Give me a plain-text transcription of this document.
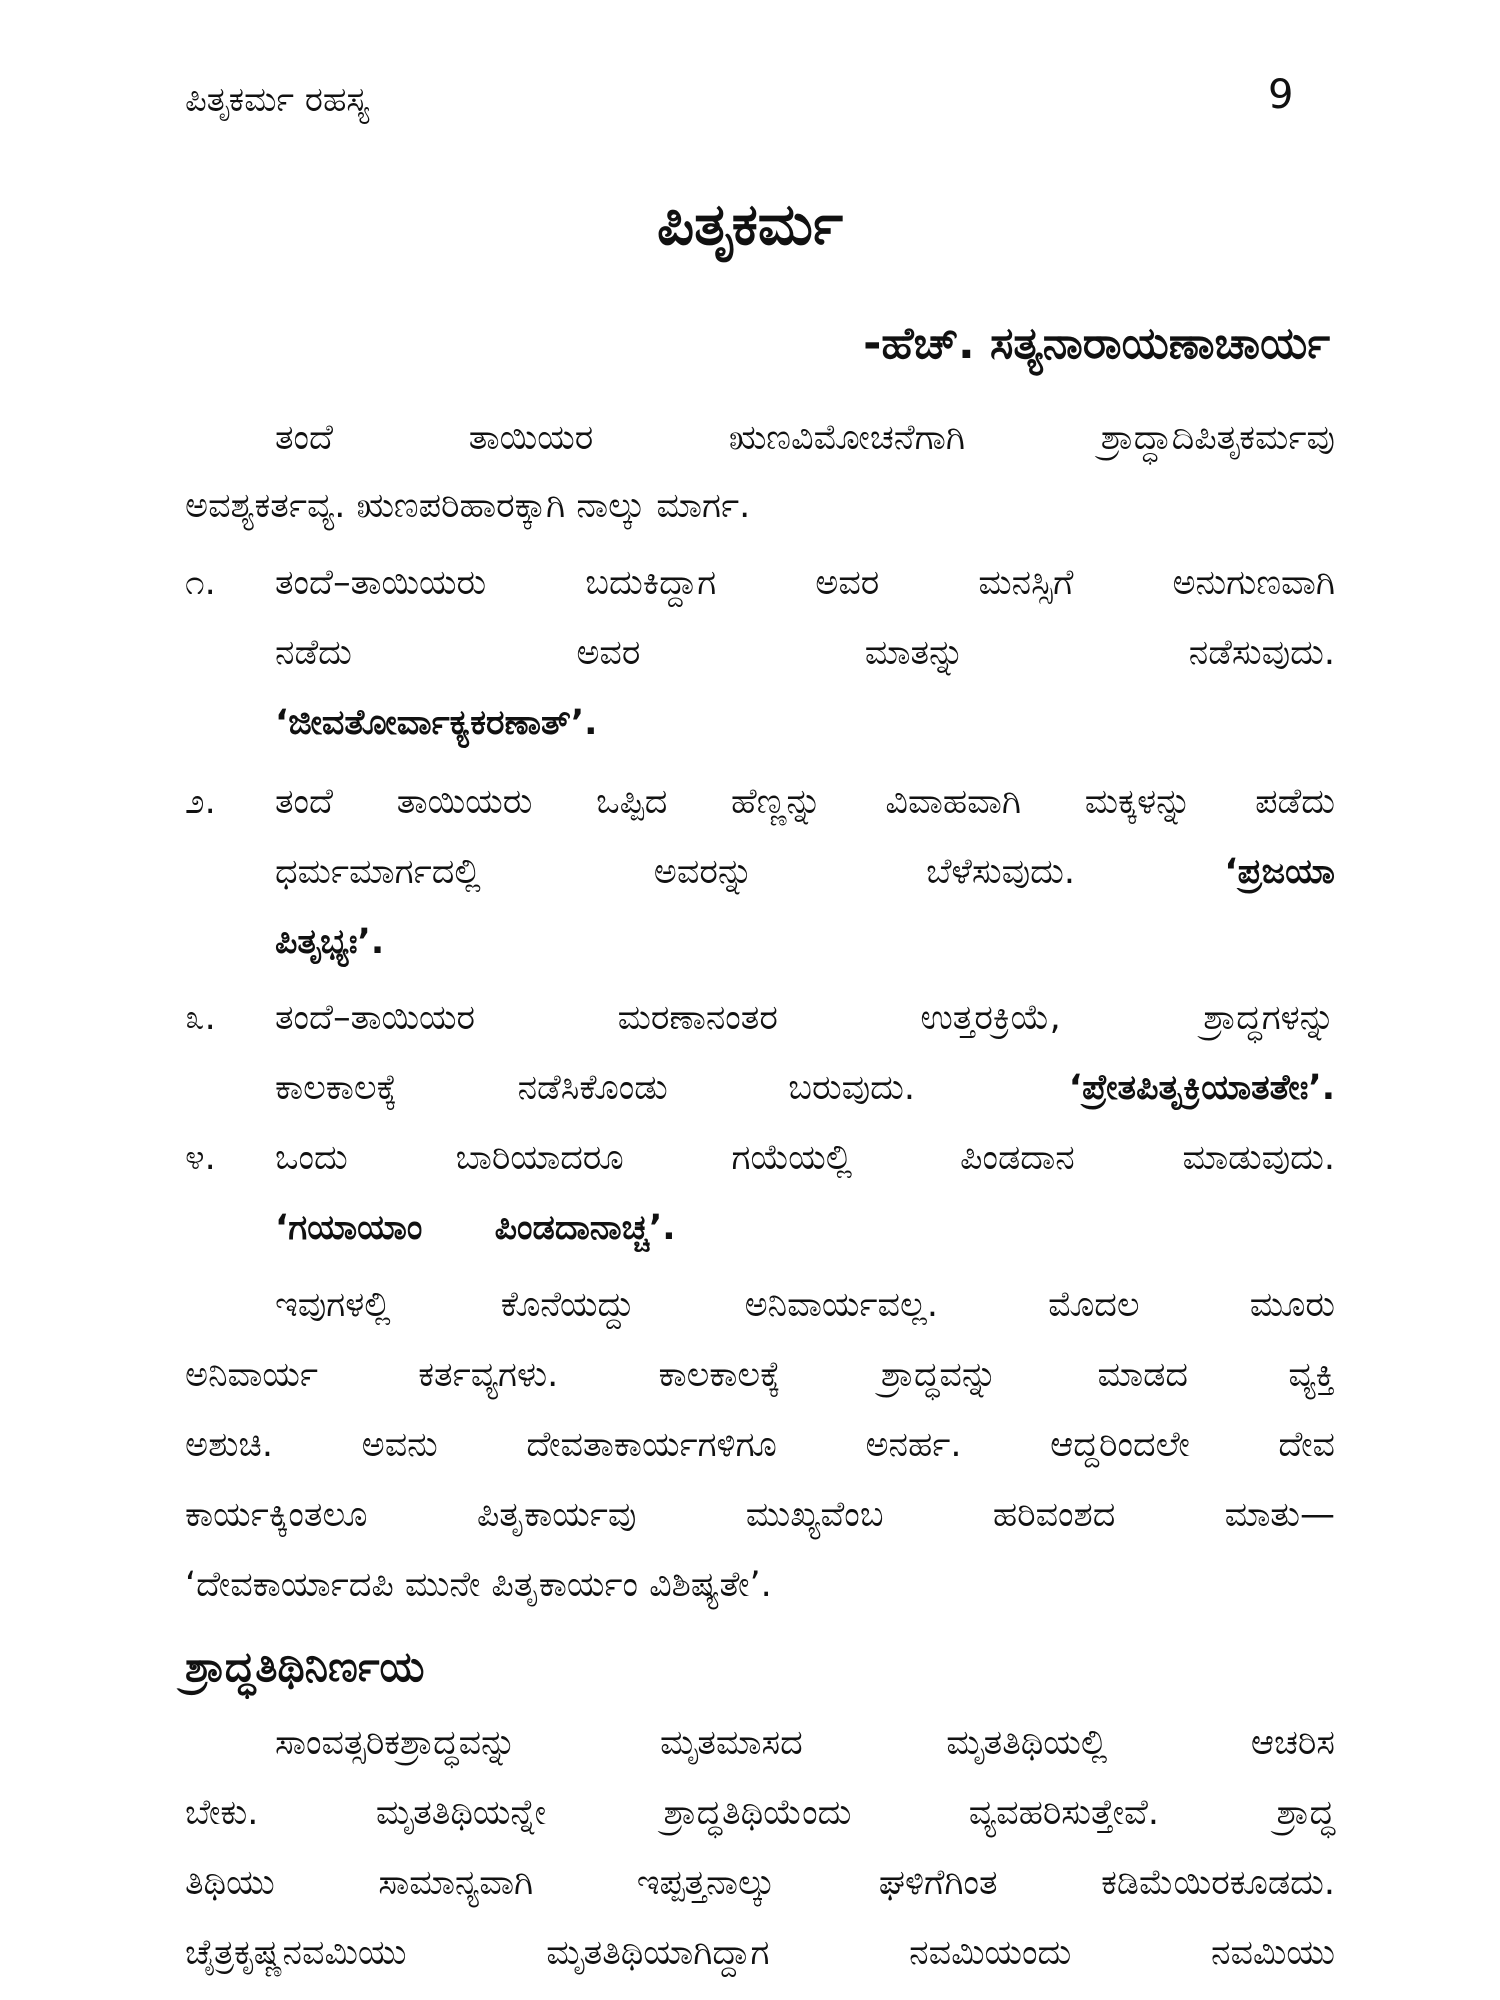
ಪಿತೃಕರ್ಮ ರಹಸ್ಯ	9
ಪಿತೃಕರ್ಮ
-ಹೆಚ್. ಸತ್ಯನಾರಾಯಣಾಚಾರ್ಯ
ತಂದೆ ತಾಯಿಯರ ಋಣವಿಮೋಚನೆಗಾಗಿ ಶ್ರಾದ್ಧಾದಿಪಿತೃಕರ್ಮವು
ಅವಶ್ಯಕರ್ತವ್ಯ. ಋಣಪರಿಹಾರಕ್ಕಾಗಿ ನಾಲ್ಕು ಮಾರ್ಗ.
೧. ತಂದೆ–ತಾಯಿಯರು ಬದುಕಿದ್ದಾಗ ಅವರ ಮನಸ್ಸಿಗೆ ಅನುಗುಣವಾಗಿ
ನಡೆದು ಅವರ ಮಾತನ್ನು ನಡೆಸುವುದು.
‘ಜೀವತೋರ್ವಾಕ್ಯಕರಣಾತ್’.
೨. ತಂದೆ ತಾಯಿಯರು ಒಪ್ಪಿದ ಹೆಣ್ಣನ್ನು ವಿವಾಹವಾಗಿ ಮಕ್ಕಳನ್ನು ಪಡೆದು
ಧರ್ಮಮಾರ್ಗದಲ್ಲಿ ಅವರನ್ನು ಬೆಳೆಸುವುದು.	‘ಪ್ರಜಯಾ
ಪಿತೃಭ್ಯಃ’.
೩. ತಂದೆ–ತಾಯಿಯರ ಮರಣಾನಂತರ ಉತ್ತರಕ್ರಿಯೆ, ಶ್ರಾದ್ಧಗಳನ್ನು
ಕಾಲಕಾಲಕ್ಕೆ ನಡೆಸಿಕೊಂಡು ಬರುವುದು.	‘ಪ್ರೇತಪಿತೃಕ್ರಿಯಾತತೇಃ’.
೪. ಒಂದು ಬಾರಿಯಾದರೂ ಗಯೆಯಲ್ಲಿ ಪಿಂಡದಾನ ಮಾಡುವುದು.
‘ಗಯಾಯಾಂ ಪಿಂಡದಾನಾಚ್ಚ’.
ಇವುಗಳಲ್ಲಿ ಕೊನೆಯದ್ದು ಅನಿವಾರ್ಯವಲ್ಲ. ಮೊದಲ ಮೂರು
ಅನಿವಾರ್ಯ ಕರ್ತವ್ಯಗಳು. ಕಾಲಕಾಲಕ್ಕೆ ಶ್ರಾದ್ಧವನ್ನು ಮಾಡದ ವ್ಯಕ್ತಿ
ಅಶುಚಿ. ಅವನು ದೇವತಾಕಾರ್ಯಗಳಿಗೂ ಅನರ್ಹ. ಆದ್ದರಿಂದಲೇ ದೇವ
ಕಾರ್ಯಕ್ಕಿಂತಲೂ ಪಿತೃಕಾರ್ಯವು ಮುಖ್ಯವೆಂಬ ಹರಿವಂಶದ ಮಾತು—
‘ದೇವಕಾರ್ಯಾದಪಿ ಮುನೇ ಪಿತೃಕಾರ್ಯಂ ವಿಶಿಷ್ಯತೇ’.
ಶ್ರಾದ್ಧತಿಥಿನಿರ್ಣಯ
ಸಾಂವತ್ಸರಿಕಶ್ರಾದ್ಧವನ್ನು ಮೃತಮಾಸದ ಮೃತತಿಥಿಯಲ್ಲಿ ಆಚರಿಸ
ಬೇಕು. ಮೃತತಿಥಿಯನ್ನೇ ಶ್ರಾದ್ಧತಿಥಿಯೆಂದು ವ್ಯವಹರಿಸುತ್ತೇವೆ. ಶ್ರಾದ್ಧ
ತಿಥಿಯು ಸಾಮಾನ್ಯವಾಗಿ ಇಪ್ಪತ್ತನಾಲ್ಕು ಘಳಿಗೆಗಿಂತ ಕಡಿಮೆಯಿರಕೂಡದು.
ಚೈತ್ರಕೃಷ್ಣನವಮಿಯು ಮೃತತಿಥಿಯಾಗಿದ್ದಾಗ ನವಮಿಯಂದು ನವಮಿಯು
